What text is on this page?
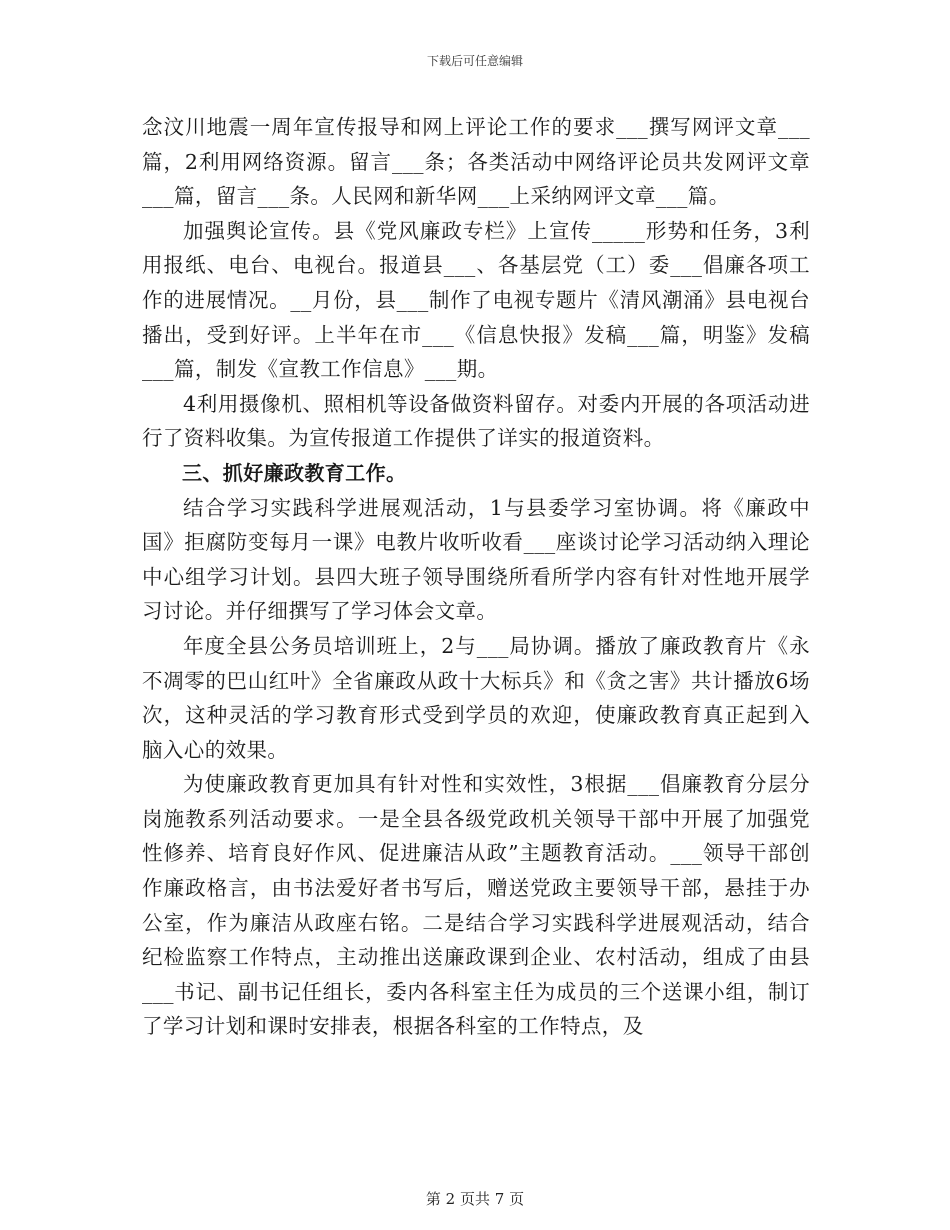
下载后可任意编辑

念汶川地震一周年宣传报导和网上评论工作的要求___撰写网评文章___篇，2利用网络资源。留言___条；各类活动中网络评论员共发网评文章___篇，留言___条。人民网和新华网___上采纳网评文章___篇。

加强舆论宣传。县《党风廉政专栏》上宣传_____形势和任务，3利用报纸、电台、电视台。报道县___、各基层党（工）委___倡廉各项工作的进展情况。__月份，县___制作了电视专题片《清风潮涌》县电视台播出，受到好评。上半年在市___《信息快报》发稿___篇，明鉴》发稿___篇，制发《宣教工作信息》___期。

4利用摄像机、照相机等设备做资料留存。对委内开展的各项活动进行了资料收集。为宣传报道工作提供了详实的报道资料。

三、抓好廉政教育工作。

结合学习实践科学进展观活动，1与县委学习室协调。将《廉政中国》拒腐防变每月一课》电教片收听收看___座谈讨论学习活动纳入理论中心组学习计划。县四大班子领导围绕所看所学内容有针对性地开展学习讨论。并仔细撰写了学习体会文章。

年度全县公务员培训班上，2与___局协调。播放了廉政教育片《永不凋零的巴山红叶》全省廉政从政十大标兵》和《贪之害》共计播放6场次，这种灵活的学习教育形式受到学员的欢迎，使廉政教育真正起到入脑入心的效果。

为使廉政教育更加具有针对性和实效性，3根据___倡廉教育分层分岗施教系列活动要求。一是全县各级党政机关领导干部中开展了加强党性修养、培育良好作风、促进廉洁从政”主题教育活动。___领导干部创作廉政格言，由书法爱好者书写后，赠送党政主要领导干部，悬挂于办公室，作为廉洁从政座右铭。二是结合学习实践科学进展观活动，结合纪检监察工作特点，主动推出送廉政课到企业、农村活动，组成了由县___书记、副书记任组长，委内各科室主任为成员的三个送课小组，制订了学习计划和课时安排表，根据各科室的工作特点，及

第 2 页共 7 页
